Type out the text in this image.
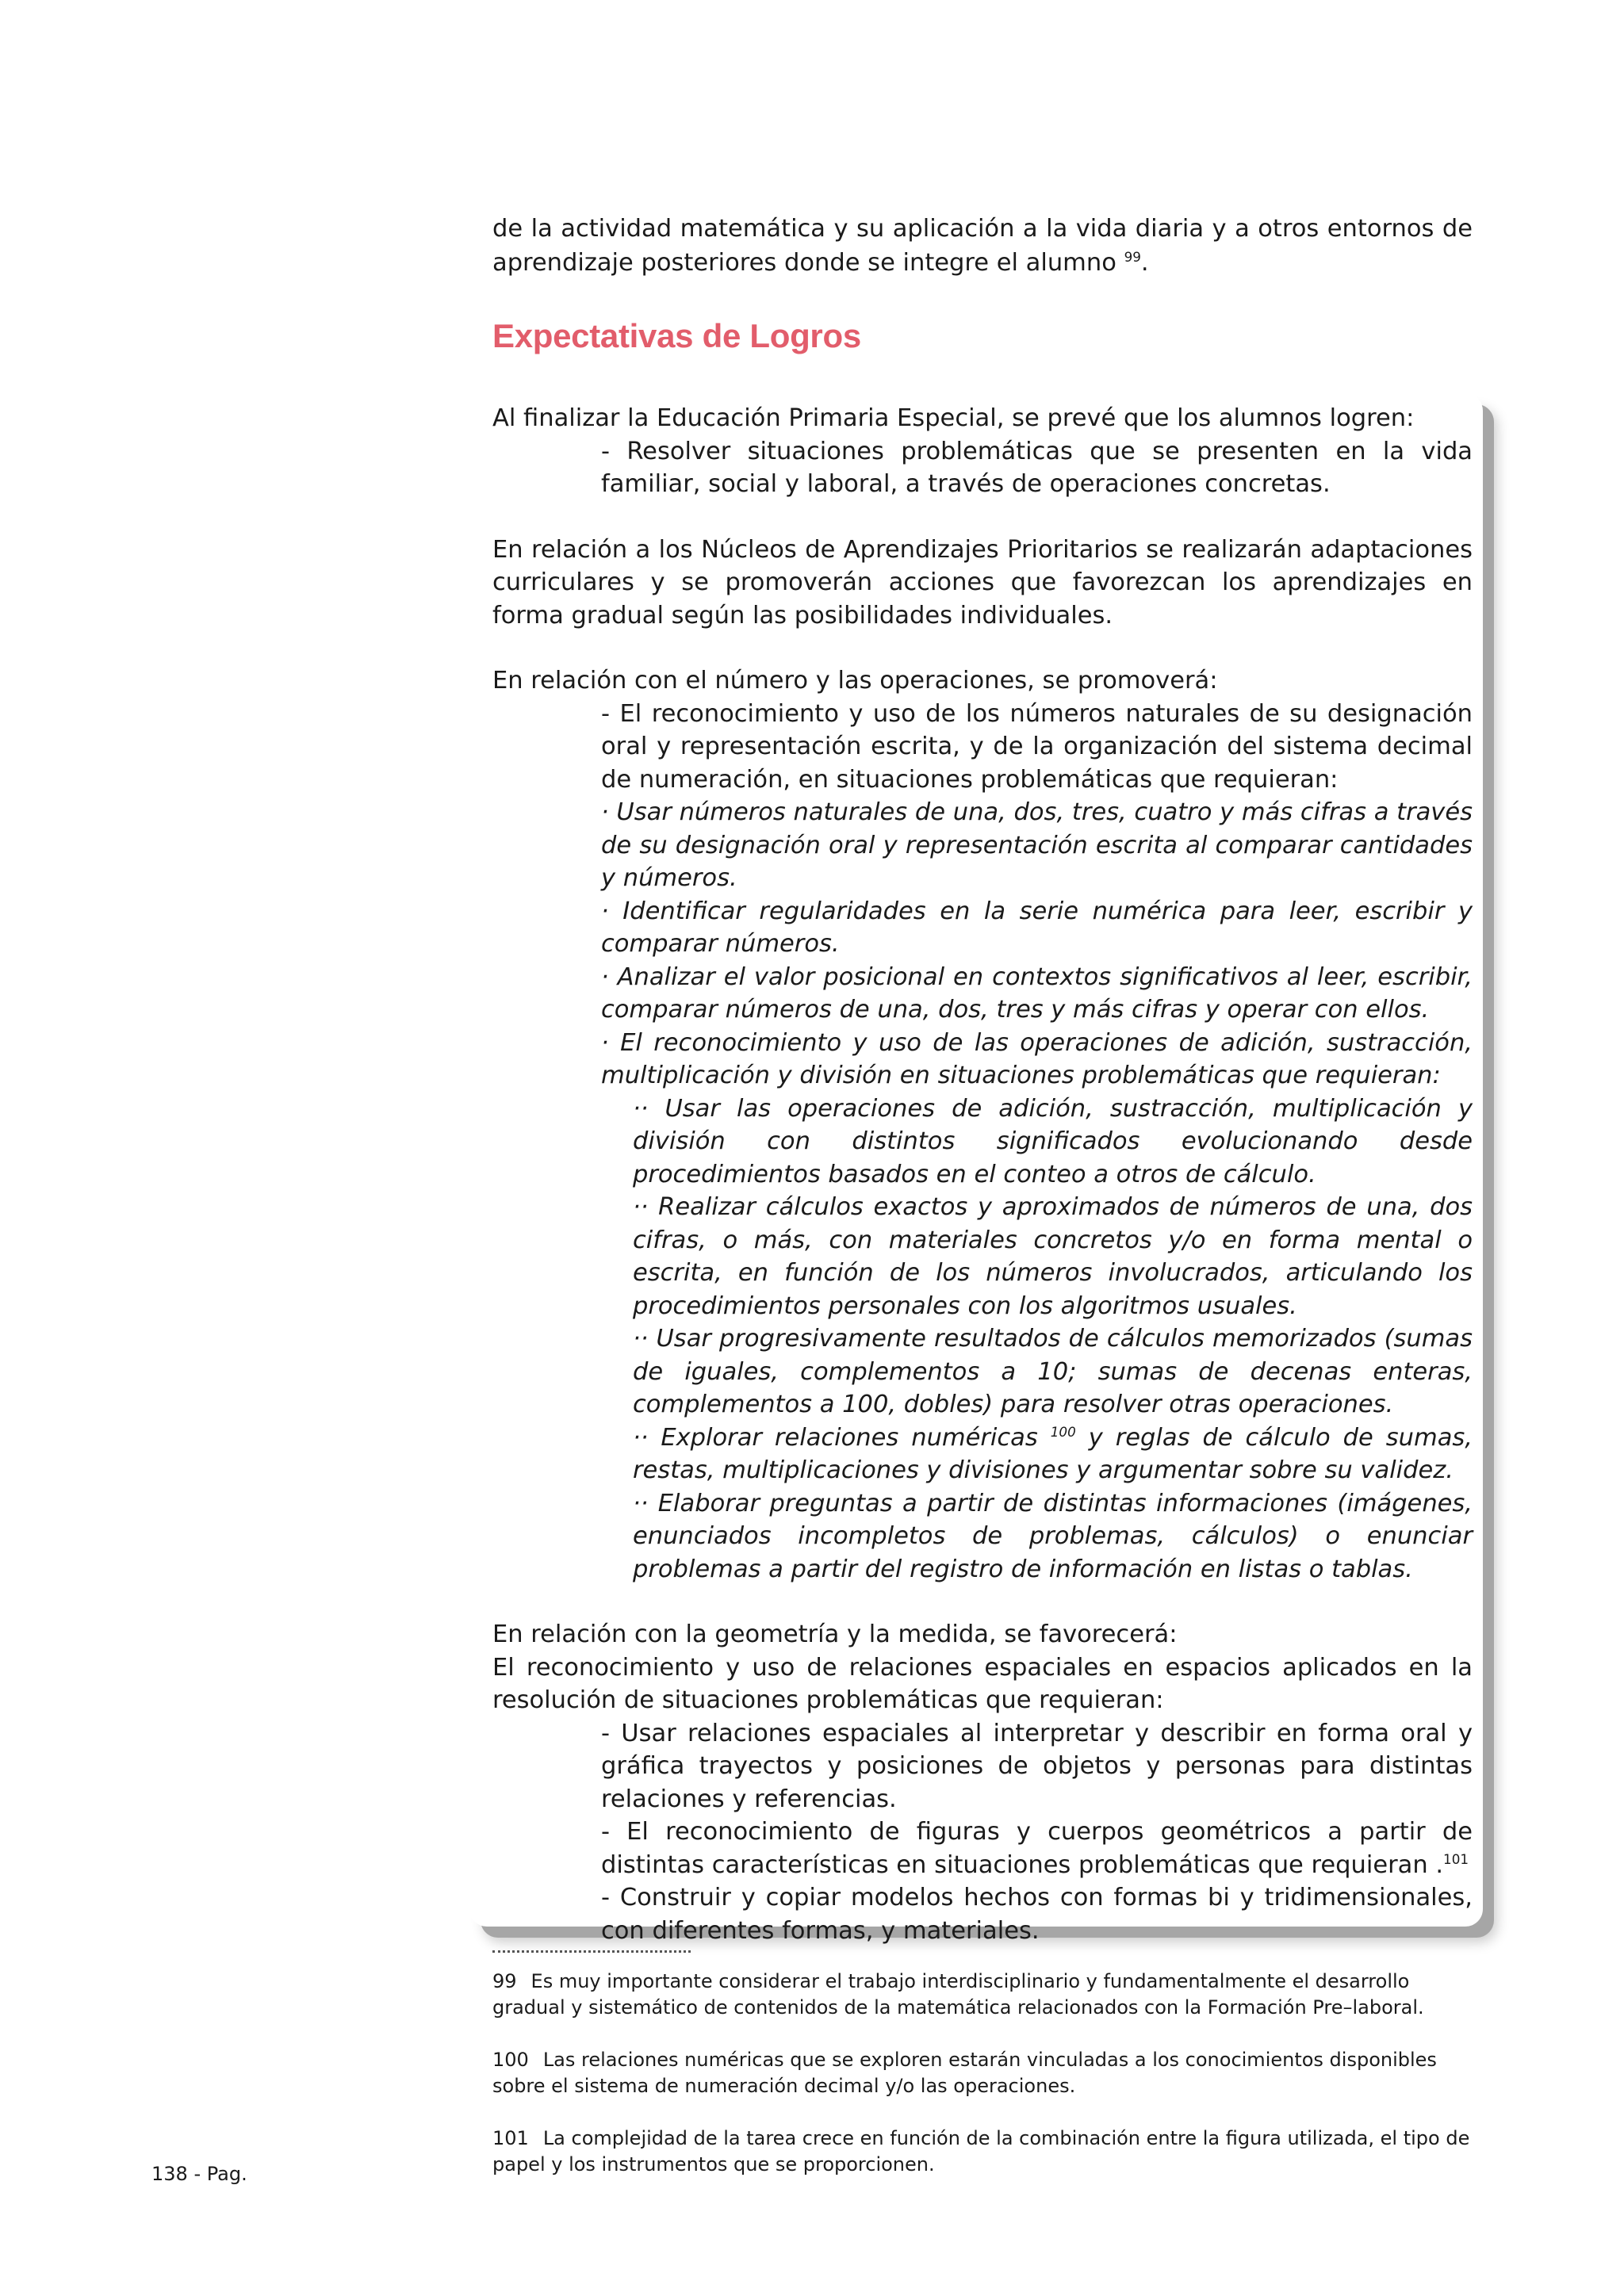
de la actividad matemática y su aplicación a la vida diaria y a otros entornos de aprendizaje posteriores donde se integre el alumno $^{99}$.

Expectativas de Logros

Al finalizar la Educación Primaria Especial, se prevé que los alumnos logren:

- Resolver situaciones problemáticas que se presenten en la vida familiar, social y laboral, a través de operaciones concretas.

En relación a los Núcleos de Aprendizajes Prioritarios se realizarán adaptaciones curriculares y se promoverán acciones que favorezcan los aprendizajes en forma gradual según las posibilidades individuales.

En relación con el número y las operaciones, se promoverá:

- El reconocimiento y uso de los números naturales de su designación oral y representación escrita, y de la organización del sistema decimal de numeración, en situaciones problemáticas que requieran:

· Usar números naturales de una, dos, tres, cuatro y más cifras a través de su designación oral y representación escrita al comparar cantidades y números.

· Identificar regularidades en la serie numérica para leer, escribir y comparar números.

· Analizar el valor posicional en contextos significativos al leer, escribir, comparar números de una, dos, tres y más cifras y operar con ellos.

· El reconocimiento y uso de las operaciones de adición, sustracción, multiplicación y división en situaciones problemáticas que requieran:

·· Usar las operaciones de adición, sustracción, multiplicación y división con distintos significados evolucionando desde procedimientos basados en el conteo a otros de cálculo.

·· Realizar cálculos exactos y aproximados de números de una, dos cifras, o más, con materiales concretos y/o en forma mental o escrita, en función de los números involucrados, articulando los procedimientos personales con los algoritmos usuales.

·· Usar progresivamente resultados de cálculos memorizados (sumas de iguales, complementos a 10; sumas de decenas enteras, complementos a 100, dobles) para resolver otras operaciones.

·· Explorar relaciones numéricas $^{100}$ y reglas de cálculo de sumas, restas, multiplicaciones y divisiones y argumentar sobre su validez.

·· Elaborar preguntas a partir de distintas informaciones (imágenes, enunciados incompletos de problemas, cálculos) o enunciar problemas a partir del registro de información en listas o tablas.

En relación con la geometría y la medida, se favorecerá:

El reconocimiento y uso de relaciones espaciales en espacios aplicados en la resolución de situaciones problemáticas que requieran:

- Usar relaciones espaciales al interpretar y describir en forma oral y gráfica trayectos y posiciones de objetos y personas para distintas relaciones y referencias.

- El reconocimiento de figuras y cuerpos geométricos a partir de distintas características en situaciones problemáticas que requieran .$^{101}$

- Construir y copiar modelos hechos con formas bi y tridimensionales, con diferentes formas, y materiales.

99 Es muy importante considerar el trabajo interdisciplinario y fundamentalmente el desarrollo gradual y sistemático de contenidos de la matemática relacionados con la Formación Pre–laboral.

100 Las relaciones numéricas que se exploren estarán vinculadas a los conocimientos disponibles sobre el sistema de numeración decimal y/o las operaciones.

101 La complejidad de la tarea crece en función de la combinación entre la figura utilizada, el tipo de papel y los instrumentos que se proporcionen.

138 - Pag.
